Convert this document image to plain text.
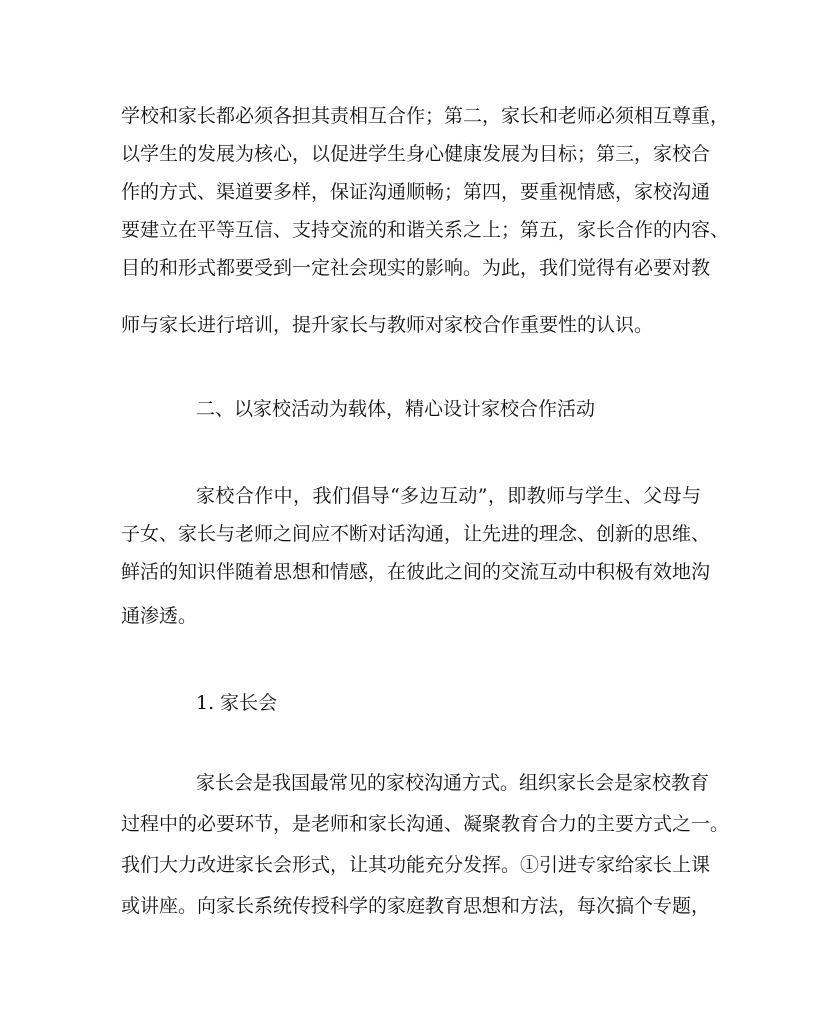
学校和家长都必须各担其责相互合作；第二，家长和老师必须相互尊重，
以学生的发展为核心，以促进学生身心健康发展为目标；第三，家校合
作的方式、渠道要多样，保证沟通顺畅；第四，要重视情感，家校沟通
要建立在平等互信、支持交流的和谐关系之上；第五，家长合作的内容、
目的和形式都要受到一定社会现实的影响。为此，我们觉得有必要对教
师与家长进行培训，提升家长与教师对家校合作重要性的认识。
二、以家校活动为载体，精心设计家校合作活动
家校合作中，我们倡导“多边互动”，即教师与学生、父母与
子女、家长与老师之间应不断对话沟通，让先进的理念、创新的思维、
鲜活的知识伴随着思想和情感，在彼此之间的交流互动中积极有效地沟
通渗透。
1. 家长会
家长会是我国最常见的家校沟通方式。组织家长会是家校教育
过程中的必要环节，是老师和家长沟通、凝聚教育合力的主要方式之一。
我们大力改进家长会形式，让其功能充分发挥。①引进专家给家长上课
或讲座。向家长系统传授科学的家庭教育思想和方法，每次搞个专题，
